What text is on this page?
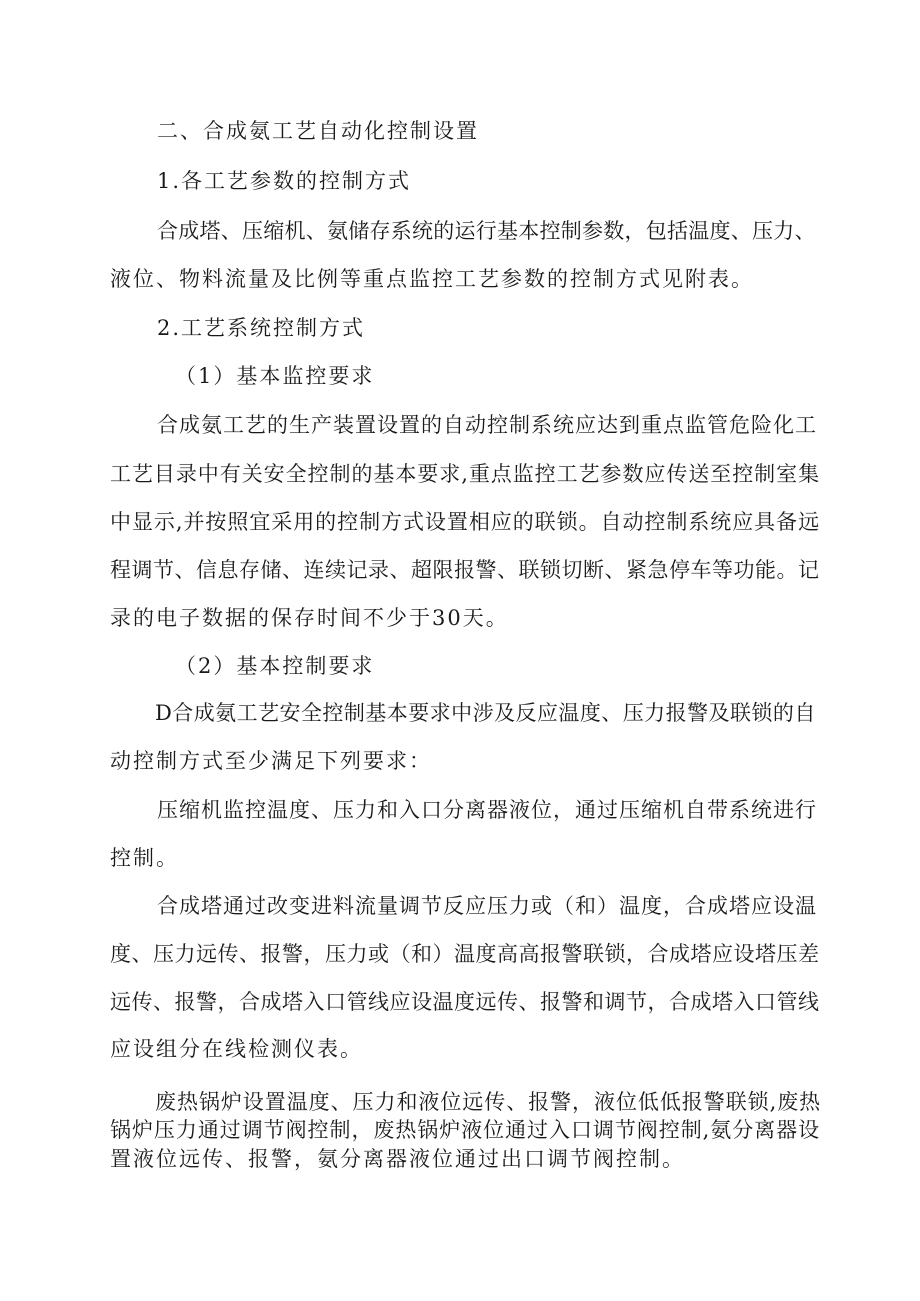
二、合成氨工艺自动化控制设置
1.各工艺参数的控制方式
合成塔、压缩机、氨储存系统的运行基本控制参数，包括温度、压力、
液位、物料流量及比例等重点监控工艺参数的控制方式见附表。
2.工艺系统控制方式
（1）基本监控要求
合成氨工艺的生产装置设置的自动控制系统应达到重点监管危险化工
工艺目录中有关安全控制的基本要求,重点监控工艺参数应传送至控制室集
中显示,并按照宜采用的控制方式设置相应的联锁。自动控制系统应具备远
程调节、信息存储、连续记录、超限报警、联锁切断、紧急停车等功能。记
录的电子数据的保存时间不少于30天。
（2）基本控制要求
D合成氨工艺安全控制基本要求中涉及反应温度、压力报警及联锁的自
动控制方式至少满足下列要求：
压缩机监控温度、压力和入口分离器液位，通过压缩机自带系统进行
控制。
合成塔通过改变进料流量调节反应压力或（和）温度，合成塔应设温
度、压力远传、报警，压力或（和）温度高高报警联锁，合成塔应设塔压差
远传、报警，合成塔入口管线应设温度远传、报警和调节，合成塔入口管线
应设组分在线检测仪表。
废热锅炉设置温度、压力和液位远传、报警，液位低低报警联锁,废热
锅炉压力通过调节阀控制，废热锅炉液位通过入口调节阀控制,氨分离器设
置液位远传、报警，氨分离器液位通过出口调节阀控制。
